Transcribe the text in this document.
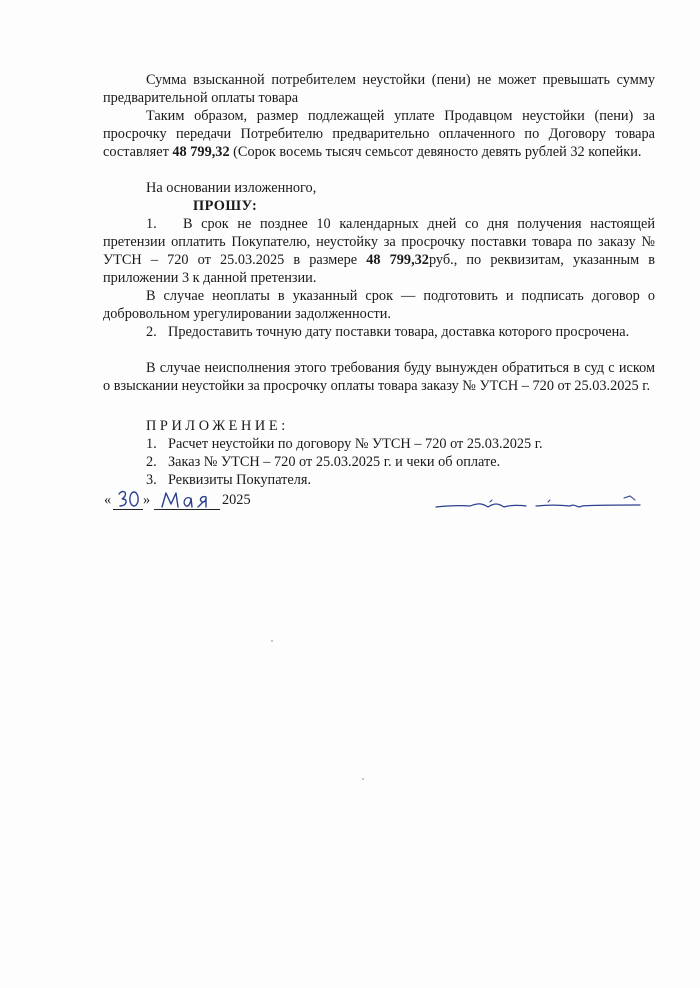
Сумма взысканной потребителем неустойки (пени) не может превышать сумму предварительной оплаты товара

Таким образом, размер подлежащей уплате Продавцом неустойки (пени) за просрочку передачи Потребителю предварительно оплаченного по Договору товара составляет 48 799,32 (Сорок восемь тысяч семьсот девяносто девять рублей 32 копейки.

На основании изложенного,

ПРОШУ:

1. В срок не позднее 10 календарных дней со дня получения настоящей претензии оплатить Покупателю, неустойку за просрочку поставки товара по заказу № УТСН – 720 от 25.03.2025 в размере 48 799,32руб., по реквизитам, указанным в приложении 3 к данной претензии.

В случае неоплаты в указанный срок — подготовить и подписать договор о добровольном урегулировании задолженности.

2. Предоставить точную дату поставки товара, доставка которого просрочена.

В случае неисполнения этого требования буду вынужден обратиться в суд с иском о взыскании неустойки за просрочку оплаты товара заказу № УТСН – 720 от 25.03.2025 г.

ПРИЛОЖЕНИЕ:

1. Расчет неустойки по договору № УТСН – 720 от 25.03.2025 г.
2. Заказ № УТСН – 720 от 25.03.2025 г. и чеки об оплате.
3. Реквизиты Покупателя.
« »	2025
